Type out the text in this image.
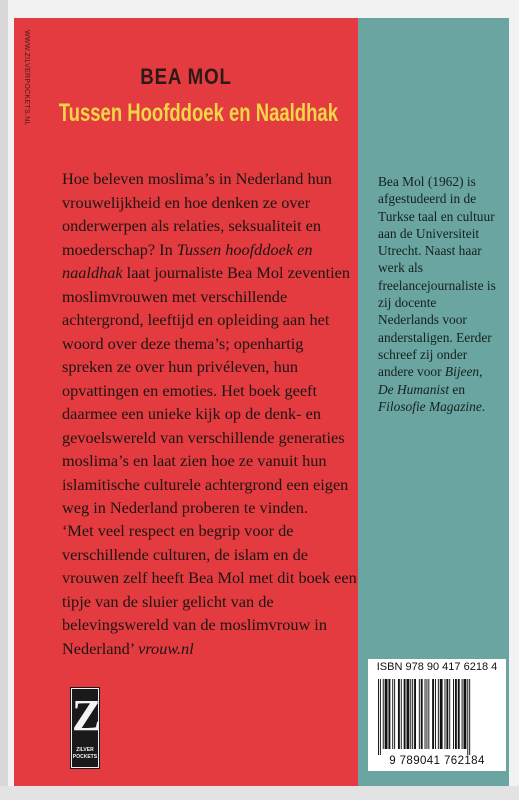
WWW.ZILVERPOCKETS.NL	BEA MOL
Tussen Hoofddoek en Naaldhak

Hoe beleven moslima’s in Nederland hun vrouwelijkheid en hoe denken ze over onderwerpen als relaties, seksualiteit en moederschap? In Tussen hoofddoek en naaldhak laat journaliste Bea Mol zeventien moslimvrouwen met verschillende achtergrond, leeftijd en opleiding aan het woord over deze thema’s; openhartig spreken ze over hun privéleven, hun opvattingen en emoties. Het boek geeft daarmee een unieke kijk op de denk- en gevoelswereld van verschillende generaties moslima’s en laat zien hoe ze vanuit hun islamitische culturele achtergrond een eigen weg in Nederland proberen te vinden.

‘Met veel respect en begrip voor de verschillende culturen, de islam en de vrouwen zelf heeft Bea Mol met dit boek een tipje van de sluier gelicht van de belevingswereld van de moslimvrouw in Nederland’ vrouw.nl

Bea Mol (1962) is afgestudeerd in de Turkse taal en cultuur aan de Universiteit Utrecht. Naast haar werk als freelancejournaliste is zij docente Nederlands voor anderstaligen. Eerder schreef zij onder andere voor Bijeen, De Humanist en Filosofie Magazine.

Z
ZILVER
POCKETS
ISBN 978 90 417 6218 4
9 789041 762184
